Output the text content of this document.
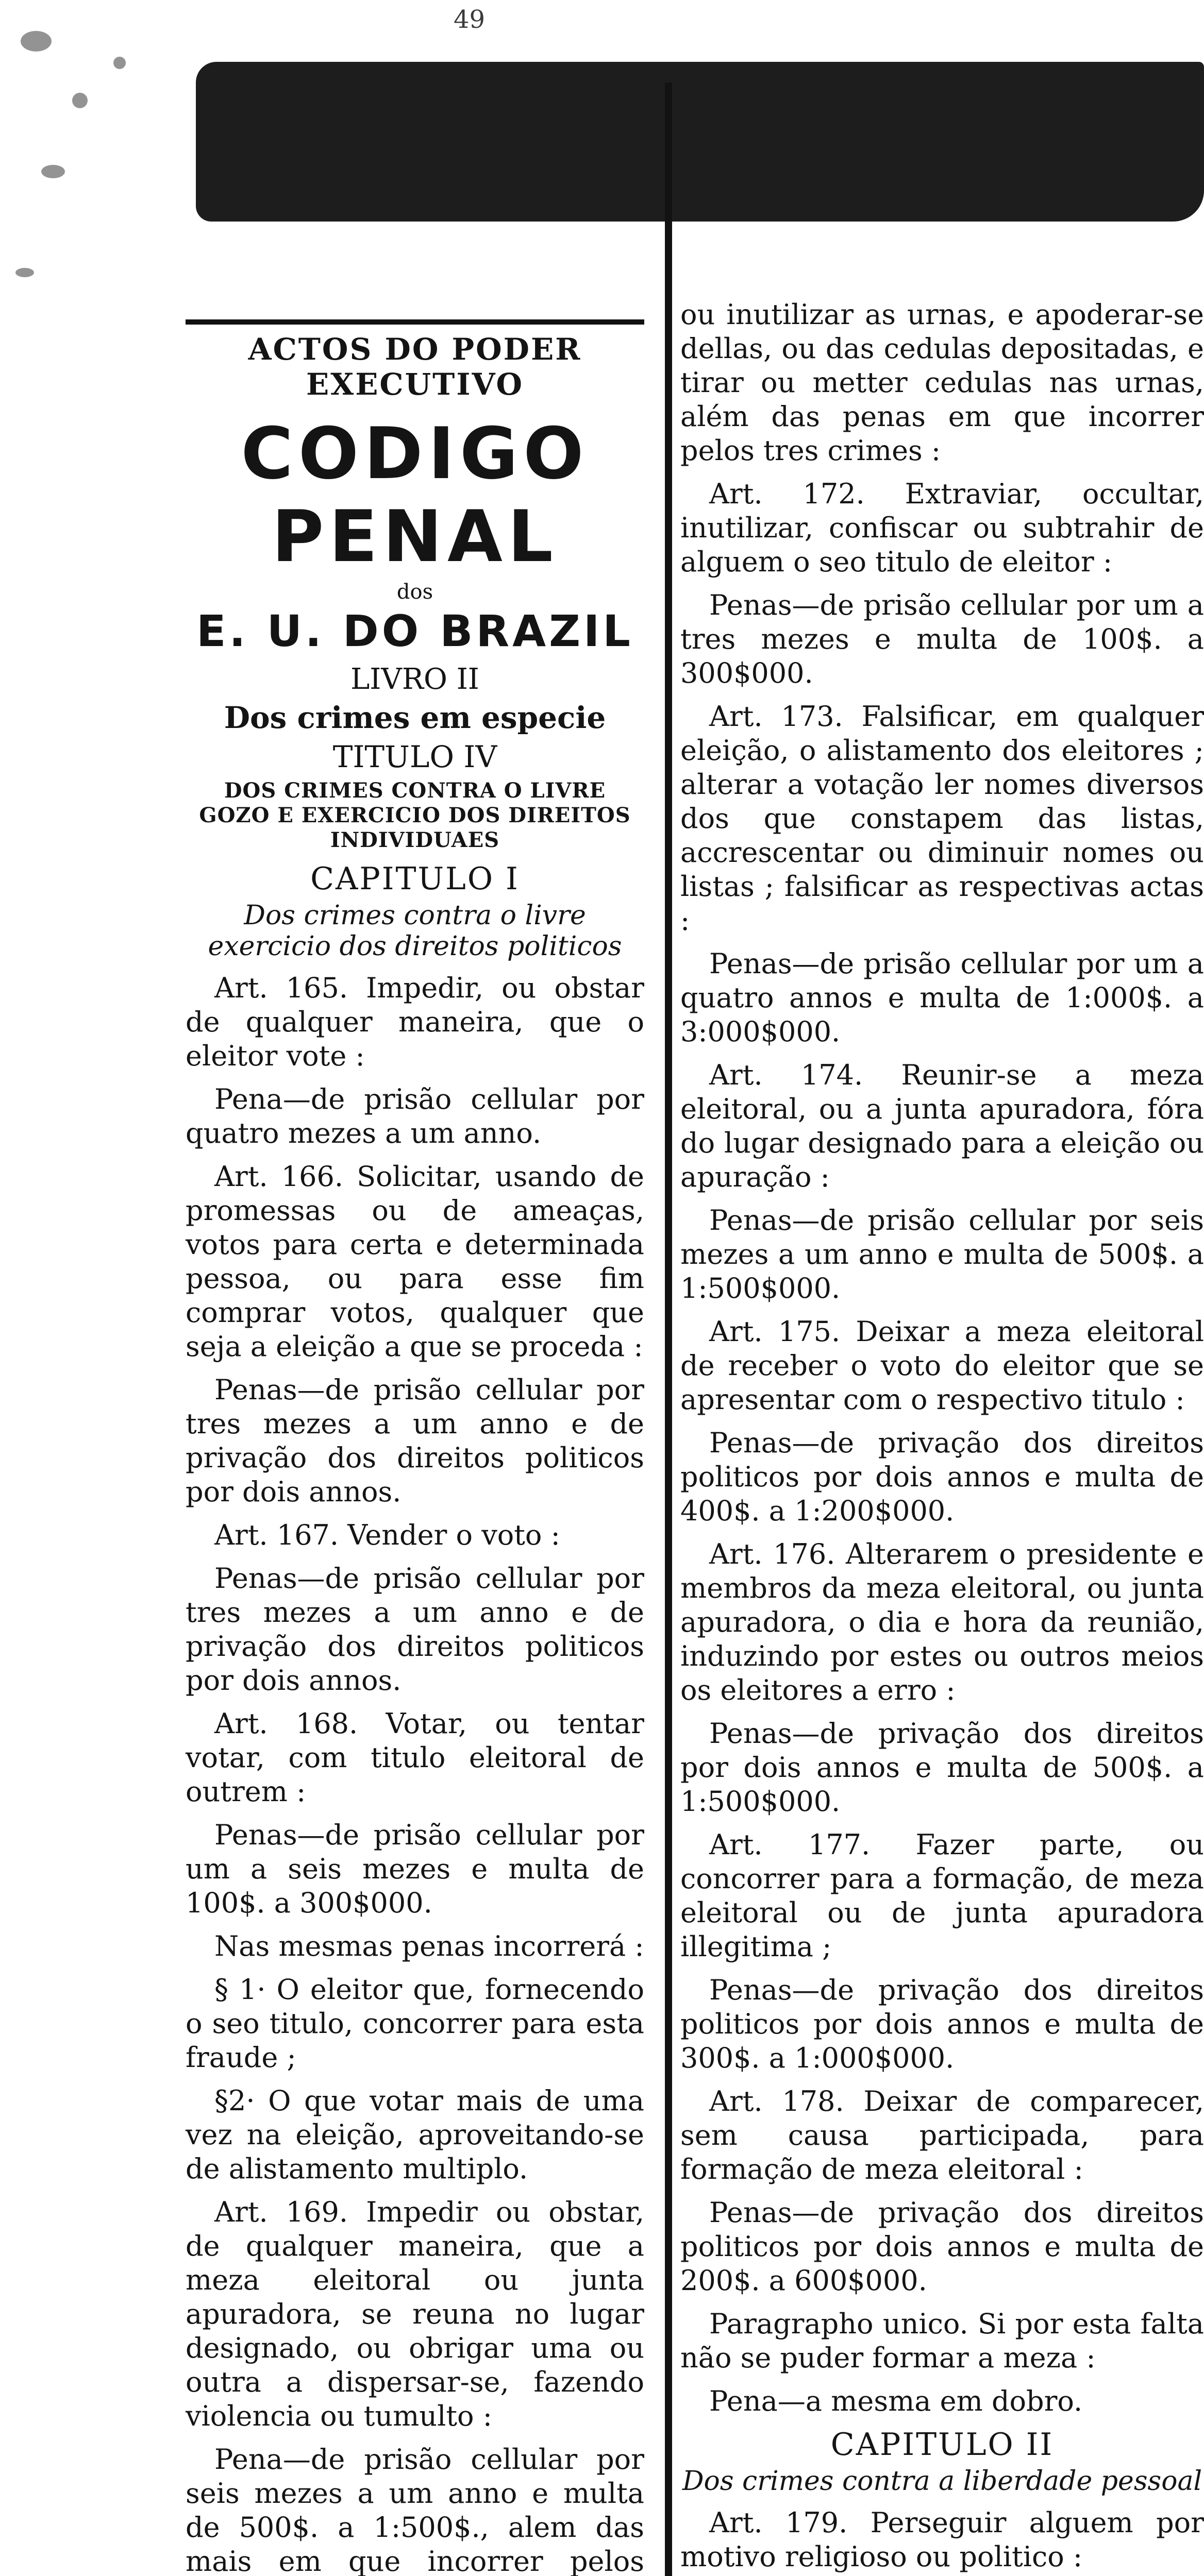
49
ACTOS DO PODER EXECUTIVO
CODIGO PENAL
dos
E. U. DO BRAZIL
LIVRO II
Dos crimes em especie
TITULO IV
DOS CRIMES CONTRA O LIVRE GOZO E EXERCICIO DOS DIREITOS INDIVIDUAES
CAPITULO I
Dos crimes contra o livre exercicio dos direitos politicos

Art. 165. Impedir, ou obstar de qualquer maneira, que o eleitor vote :

Pena—de prisão cellular por quatro mezes a um anno.

Art. 166. Solicitar, usando de promessas ou de ameaças, votos para certa e determinada pessoa, ou para esse fim comprar votos, qualquer que seja a eleição a que se proceda :

Penas—de prisão cellular por tres mezes a um anno e de privação dos direitos politicos por dois annos.

Art. 167. Vender o voto :

Penas—de prisão cellular por tres mezes a um anno e de privação dos direitos politicos por dois annos.

Art. 168. Votar, ou tentar votar, com titulo eleitoral de outrem :

Penas—de prisão cellular por um a seis mezes e multa de 100$. a 300$000.

Nas mesmas penas incorrerá :

§ 1· O eleitor que, fornecendo o seo titulo, concorrer para esta fraude ;

§2· O que votar mais de uma vez na eleição, aproveitando-se de alistamento multiplo.

Art. 169. Impedir ou obstar, de qualquer maneira, que a meza eleitoral ou junta apuradora, se reuna no lugar designado, ou obrigar uma ou outra a dispersar-se, fazendo violencia ou tumulto :

Pena—de prisão cellular por seis mezes a um anno e multa de 500$. a 1:500$., alem das mais em que incorrer pelos

ou inutilizar as urnas, e apoderar-se dellas, ou das cedulas depositadas, e tirar ou metter cedulas nas urnas, além das penas em que incorrer pelos tres crimes :

Art. 172. Extraviar, occultar, inutilizar, confiscar ou subtrahir de alguem o seo titulo de eleitor :

Penas—de prisão cellular por um a tres mezes e multa de 100$. a 300$000.

Art. 173. Falsificar, em qualquer eleição, o alistamento dos eleitores ; alterar a votação ler nomes diversos dos que constapem das listas, accrescentar ou diminuir nomes ou listas ; falsificar as respectivas actas :

Penas—de prisão cellular por um a quatro annos e multa de 1:000$. a 3:000$000.

Art. 174. Reunir-se a meza eleitoral, ou a junta apuradora, fóra do lugar designado para a eleição ou apuração :

Penas—de prisão cellular por seis mezes a um anno e multa de 500$. a 1:500$000.

Art. 175. Deixar a meza eleitoral de receber o voto do eleitor que se apresentar com o respectivo titulo :

Penas—de privação dos direitos politicos por dois annos e multa de 400$. a 1:200$000.

Art. 176. Alterarem o presidente e membros da meza eleitoral, ou junta apuradora, o dia e hora da reunião, induzindo por estes ou outros meios os eleitores a erro :

Penas—de privação dos direitos por dois annos e multa de 500$. a 1:500$000.

Art. 177. Fazer parte, ou concorrer para a formação, de meza eleitoral ou de junta apuradora illegitima ;

Penas—de privação dos direitos politicos por dois annos e multa de 300$. a 1:000$000.

Art. 178. Deixar de comparecer, sem causa participada, para formação de meza eleitoral :

Penas—de privação dos direitos politicos por dois annos e multa de 200$. a 600$000.

Paragrapho unico. Si por esta falta não se puder formar a meza :

Pena—a mesma em dobro.

CAPITULO II
Dos crimes contra a liberdade pessoal

Art. 179. Perseguir alguem por motivo religioso ou politico :
